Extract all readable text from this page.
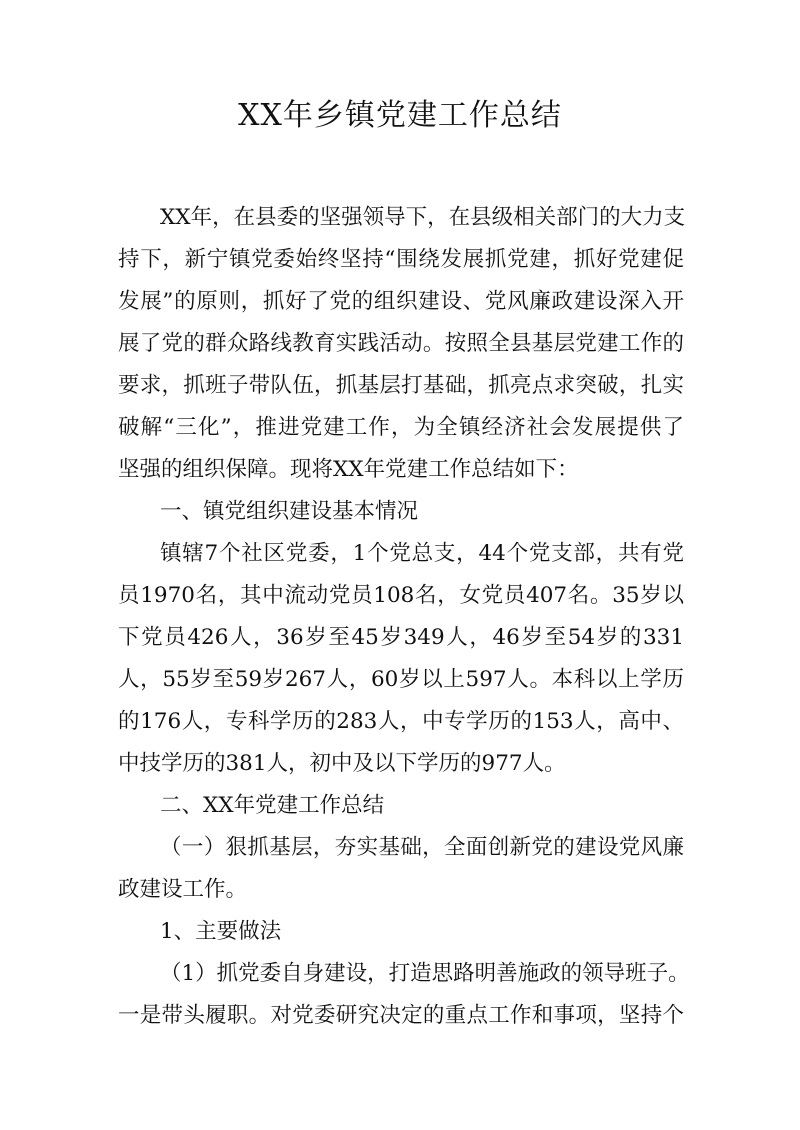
XX年乡镇党建工作总结
XX年，在县委的坚强领导下，在县级相关部门的大力支
持下，新宁镇党委始终坚持“围绕发展抓党建，抓好党建促
发展”的原则，抓好了党的组织建设、党风廉政建设深入开
展了党的群众路线教育实践活动。按照全县基层党建工作的
要求，抓班子带队伍，抓基层打基础，抓亮点求突破，扎实
破解“三化”，推进党建工作，为全镇经济社会发展提供了
坚强的组织保障。现将XX年党建工作总结如下：
一、镇党组织建设基本情况
镇辖7个社区党委，1个党总支，44个党支部，共有党
员1970名，其中流动党员108名，女党员407名。35岁以
下党员426人，36岁至45岁349人，46岁至54岁的331
人，55岁至59岁267人，60岁以上597人。本科以上学历
的176人，专科学历的283人，中专学历的153人，高中、
中技学历的381人，初中及以下学历的977人。
二、XX年党建工作总结
（一）狠抓基层，夯实基础，全面创新党的建设党风廉
政建设工作。
1、主要做法
（1）抓党委自身建设，打造思路明善施政的领导班子。
一是带头履职。对党委研究决定的重点工作和事项，坚持个
